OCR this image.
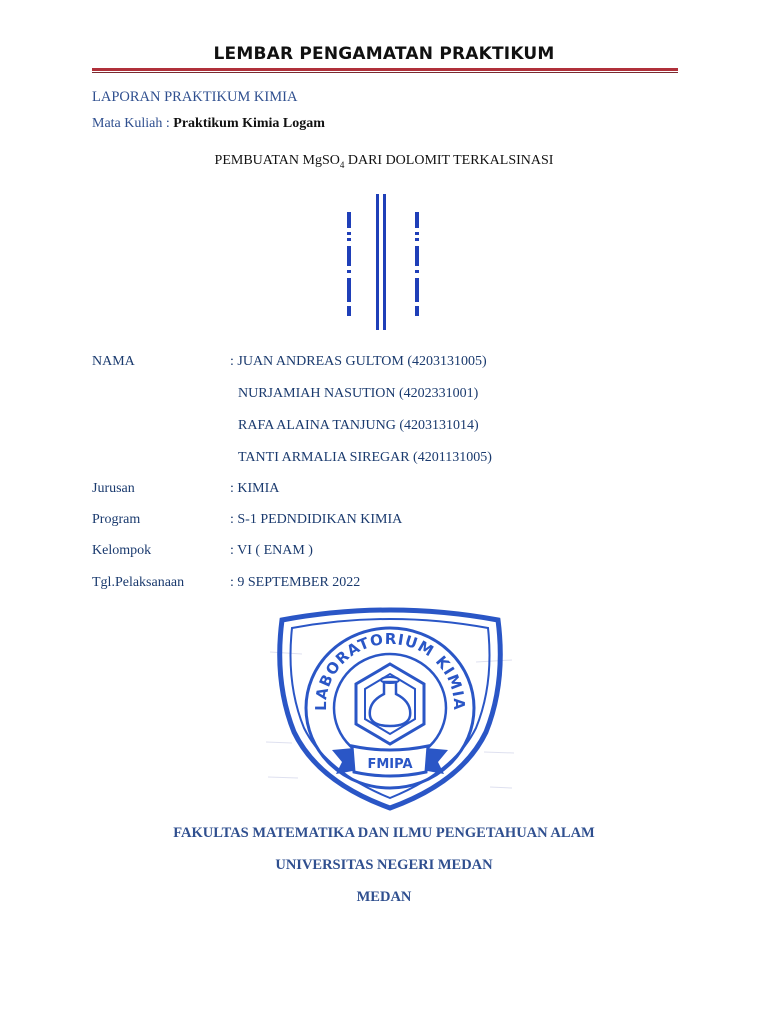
LEMBAR PENGAMATAN PRAKTIKUM
LAPORAN PRAKTIKUM KIMIA
Mata Kuliah : Praktikum Kimia Logam
PEMBUATAN MgSO$_4$ DARI DOLOMIT TERKALSINASI
NAMA	: JUAN ANDREAS GULTOM (4203131005)
NURJAMIAH NASUTION (4202331001)
RAFA ALAINA TANJUNG (4203131014)
TANTI ARMALIA SIREGAR (4201131005)
Jurusan	: KIMIA
Program	: S-1 PEDNDIDIKAN KIMIA
Kelompok	: VI ( ENAM )
Tgl.Pelaksanaan	: 9 SEPTEMBER 2022
LABORATORIUM KIMIA
FMIPA
FAKULTAS MATEMATIKA DAN ILMU PENGETAHUAN ALAM
UNIVERSITAS NEGERI MEDAN
MEDAN
